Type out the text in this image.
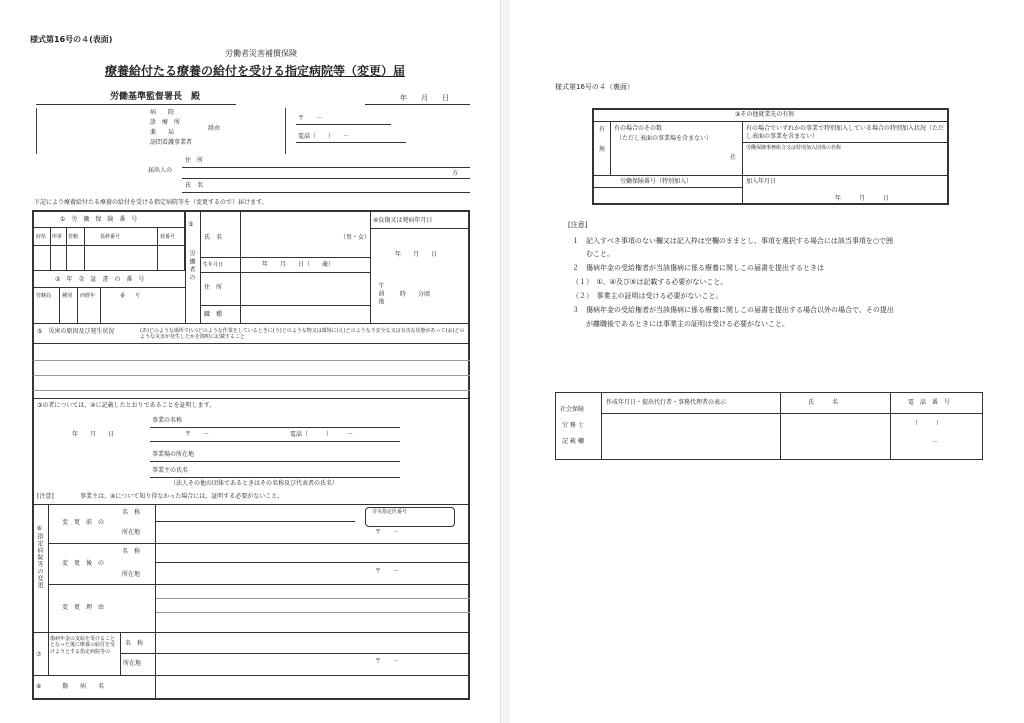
様式第16号の４(表面)
労働者災害補償保険
療養給付たる療養の給付を受ける指定病院等（変更）届
労働基準監督署長　殿	年　　月　　日
病　　院
診　療　所
薬　　局
訪問看護事業者
経由
〒　　－
電話（　　）　　－
住　所
届出人の	方
氏　名
下記により療養給付たる療養の給付を受ける指定病院等を（変更するので）届けます。
①　労　働　保　険　番　号
府県 所掌 管轄	基幹番号	枝番号
②　年　金　証　書　の　番　号
管轄局 種別 西暦年	番　　号
③
労働者の
氏　名	（男・女）
生年月日	年　　月　　日（　　歳）
住　所
職　種
④負傷又は発病年月日
年　　月　　日
午前後	時　　分頃
⑤　災害の原因及び発生状況	(あ)どのような場所で(い)どのような作業をしているときに(う)どのような物又は環境に(え)どのような不安全な又は有害な状態があって(お)どのような災害が発生したかを簡明に記載すること
③の者については、④に記載したとおりであることを証明します。
事業の名称
年　　月　　日	〒　　－	電話（　　　）　　　－
事業場の所在地
事業主の氏名
（法人その他の団体であるときはその名称及び代表者の氏名）
[注意]	事業主は、④について知り得なかった場合には、証明する必要がないこと。
⑥指定病院等の変更
変　更　前　の
名　称
所在地
労災指定医番号
〒　　－
変　更　後　の
名　称
所在地	〒　　－
変　更　理　由
⑦
傷病年金の支給を受けることとなった後に療養の給付を受けようとする指定病院等の
名　称
所在地	〒　　－
⑧	傷　　病　　名
様式第16号の４（裏面）
⑨その他就業先の有無
有
無
有の場合のその数
（ただし表面の事業場を含まない）
社
有の場合でいずれかの事業で特別加入している場合の特別加入状況（ただし表面の事業を含まない）
労働保険事務組合又は特別加入団体の名称
労働保険番号（特別加入）	加入年月日
年　　　月　　　日
[注意]
１　記入すべき事項のない欄又は記入枠は空欄のままとし、事項を選択する場合には該当事項を○で囲
　　むこと。
２　傷病年金の受給権者が当該傷病に係る療養に関しこの届書を提出するときは
（１）　①、④及び⑤は記載する必要がないこと。
（２）　事業主の証明は受ける必要がないこと。
３　傷病年金の受給権者が当該傷病に係る療養に関しこの届書を提出する場合以外の場合で、その提出
　　が離職後であるときには事業主の証明は受ける必要がないこと。
社会保険
労 務 士
記 載 欄
作成年月日・提出代行者・事務代理者の表示	氏　　　名	電　話　番　号
（　　　）
－
